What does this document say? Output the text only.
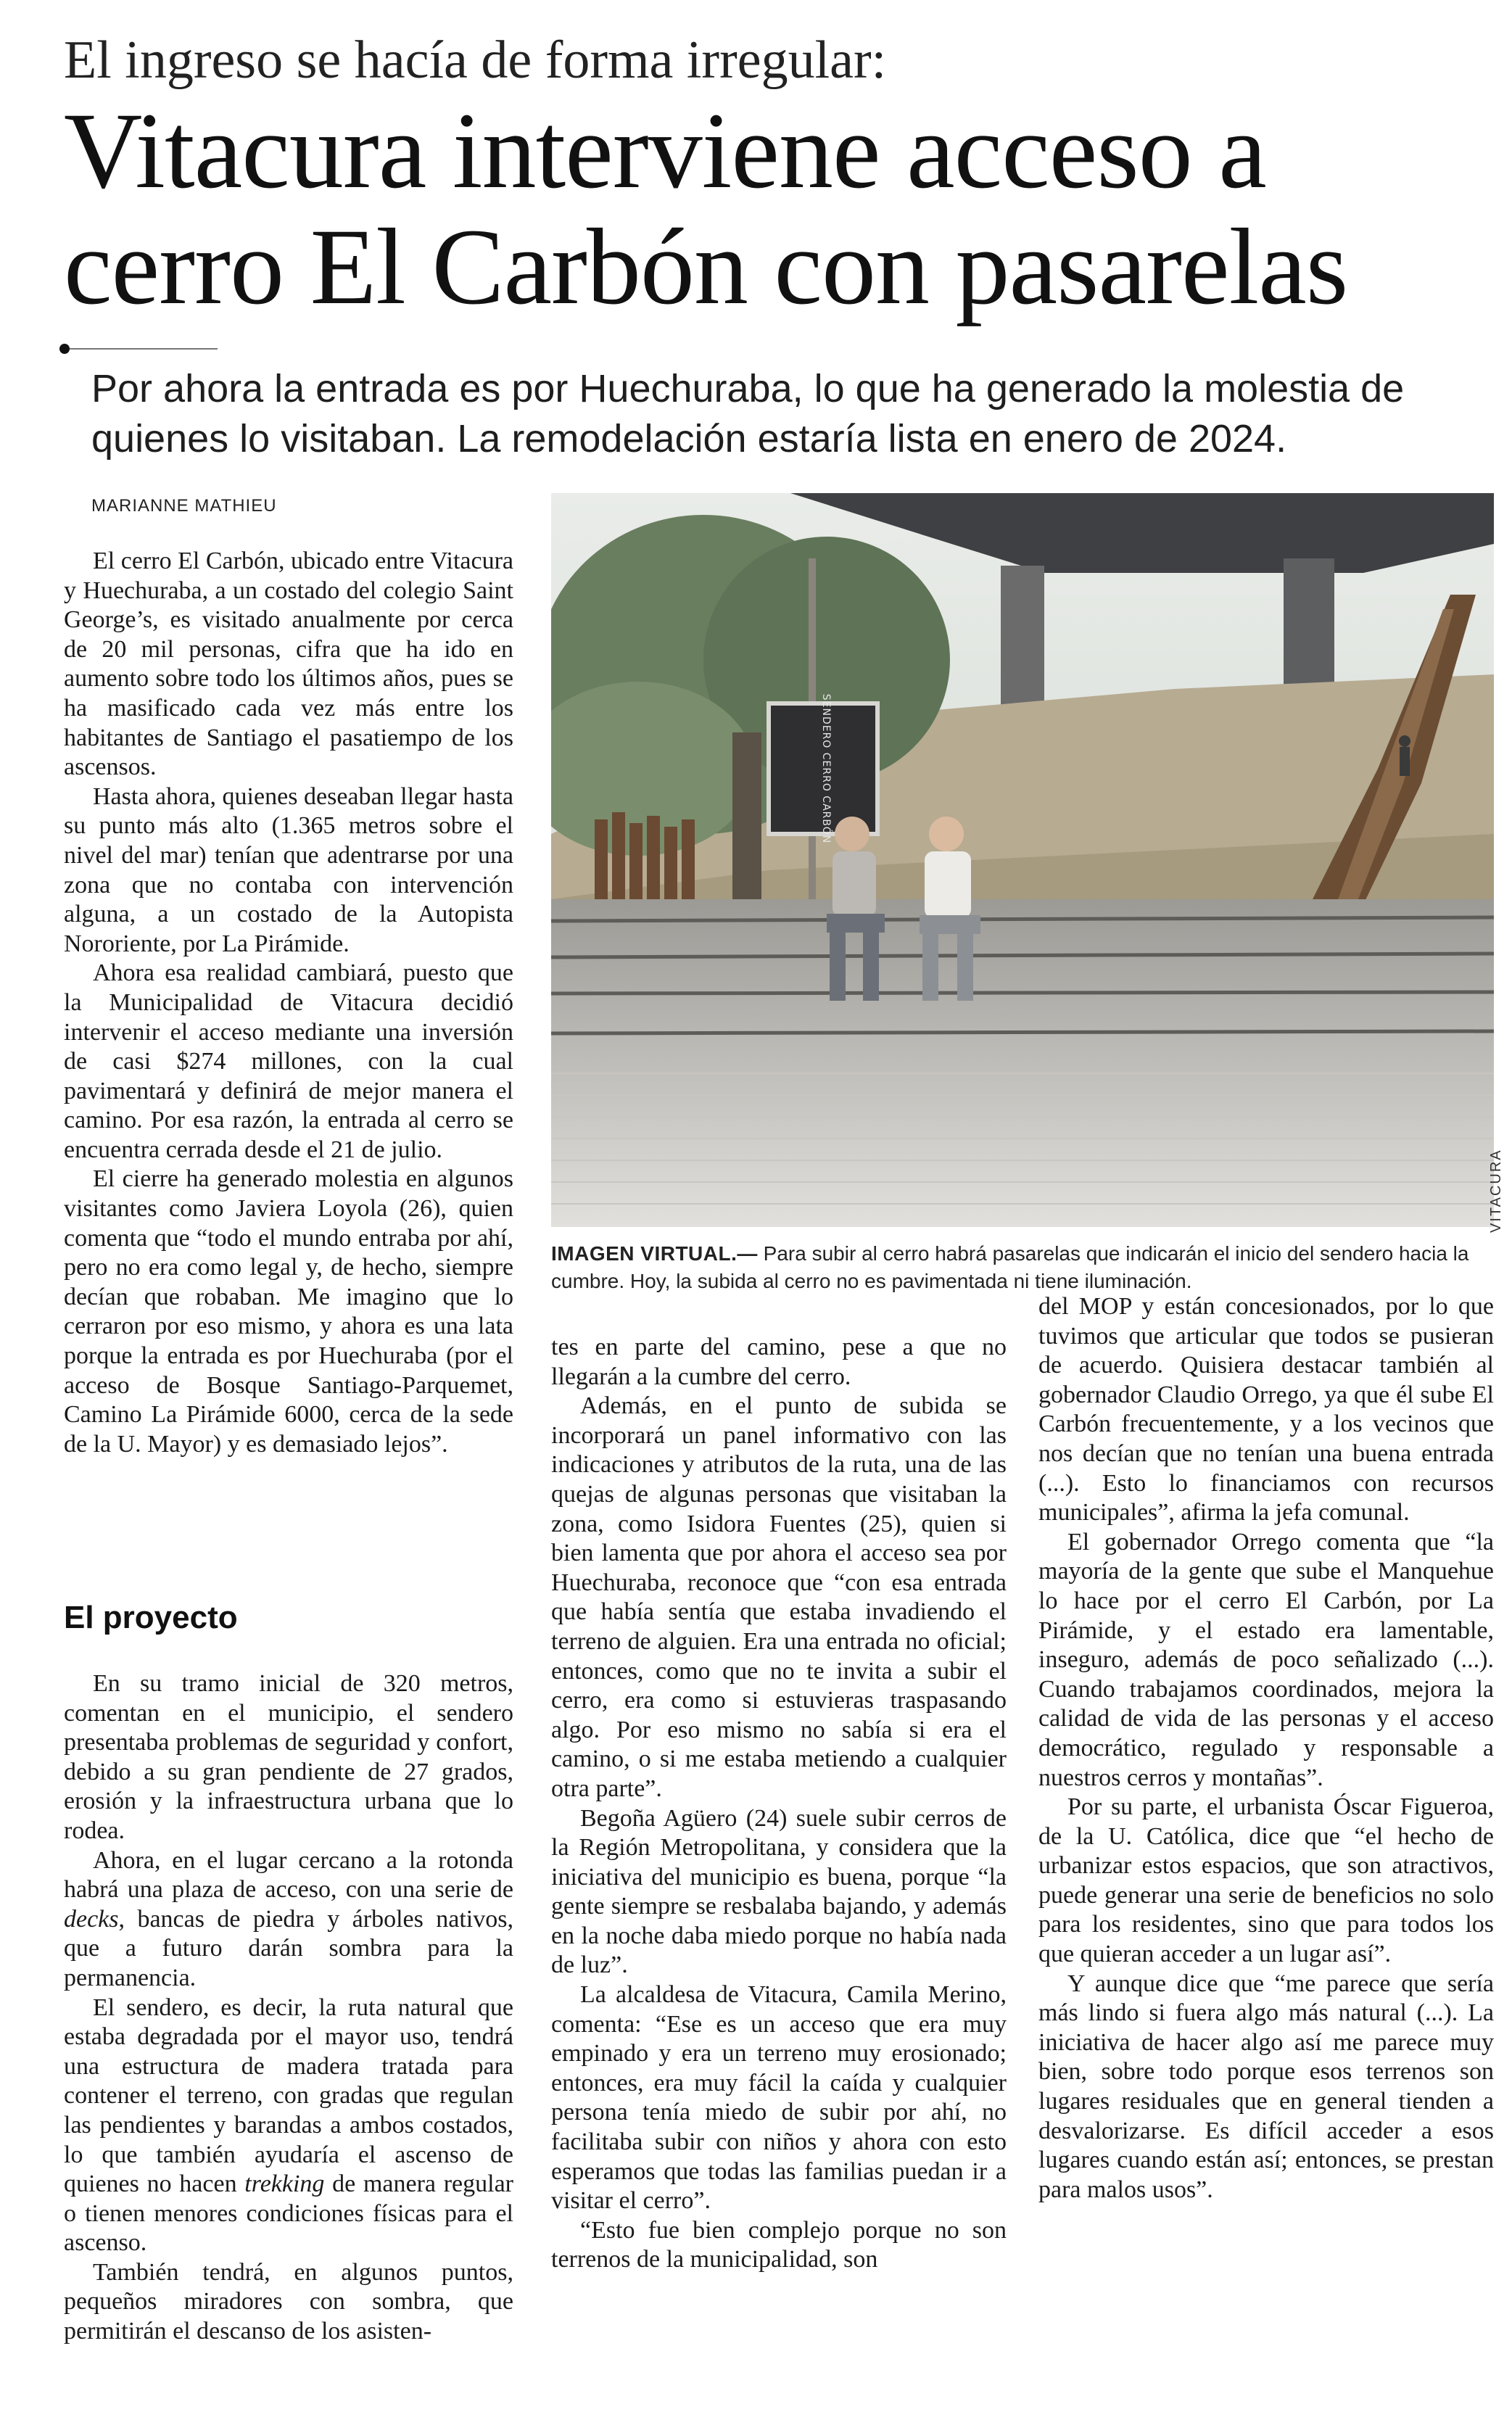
El ingreso se hacía de forma irregular:
Vitacura interviene acceso a
cerro El Carbón con pasarelas
Por ahora la entrada es por Huechuraba, lo que ha generado la molestia de quienes lo visitaban. La remodelación estaría lista en enero de 2024.
MARIANNE MATHIEU

El cerro El Carbón, ubicado entre Vitacura y Huechuraba, a un costado del colegio Saint George’s, es visitado anualmente por cerca de 20 mil personas, cifra que ha ido en aumento sobre todo los últimos años, pues se ha masificado cada vez más entre los habitantes de Santiago el pasatiempo de los ascensos.

Hasta ahora, quienes deseaban llegar hasta su punto más alto (1.365 metros sobre el nivel del mar) tenían que adentrarse por una zona que no contaba con intervención alguna, a un costado de la Autopista Nororiente, por La Pirámide.

Ahora esa realidad cambiará, puesto que la Municipalidad de Vitacura decidió intervenir el acceso mediante una inversión de casi $274 millones, con la cual pavimentará y definirá de mejor manera el camino. Por esa razón, la entrada al cerro se encuentra cerrada desde el 21 de julio.

El cierre ha generado molestia en algunos visitantes como Javiera Loyola (26), quien comenta que “todo el mundo entraba por ahí, pero no era como legal y, de hecho, siempre decían que robaban. Me imagino que lo cerraron por eso mismo, y ahora es una lata porque la entrada es por Huechuraba (por el acceso de Bosque Santiago-Parquemet, Camino La Pirámide 6000, cerca de la sede de la U. Mayor) y es demasiado lejos”.

El proyecto

En su tramo inicial de 320 metros, comentan en el municipio, el sendero presentaba problemas de seguridad y confort, debido a su gran pendiente de 27 grados, erosión y la infraestructura urbana que lo rodea.

Ahora, en el lugar cercano a la rotonda habrá una plaza de acceso, con una serie de decks, bancas de piedra y árboles nativos, que a futuro darán sombra para la permanencia.

El sendero, es decir, la ruta natural que estaba degradada por el mayor uso, tendrá una estructura de madera tratada para contener el terreno, con gradas que regulan las pendientes y barandas a ambos costados, lo que también ayudaría el ascenso de quienes no hacen trekking de manera regular o tienen menores condiciones físicas para el ascenso.

También tendrá, en algunos puntos, pequeños miradores con sombra, que permitirán el descanso de los asisten-

SENDERO CERRO CARBÓN
VITACURA
IMAGEN VIRTUAL.— Para subir al cerro habrá pasarelas que indicarán el inicio del sendero hacia la cumbre. Hoy, la subida al cerro no es pavimentada ni tiene iluminación.

tes en parte del camino, pese a que no llegarán a la cumbre del cerro.

Además, en el punto de subida se incorporará un panel informativo con las indicaciones y atributos de la ruta, una de las quejas de algunas personas que visitaban la zona, como Isidora Fuentes (25), quien si bien lamenta que por ahora el acceso sea por Huechuraba, reconoce que “con esa entrada que había sentía que estaba invadiendo el terreno de alguien. Era una entrada no oficial; entonces, como que no te invita a subir el cerro, era como si estuvieras traspasando algo. Por eso mismo no sabía si era el camino, o si me estaba metiendo a cualquier otra parte”.

Begoña Agüero (24) suele subir cerros de la Región Metropolitana, y considera que la iniciativa del municipio es buena, porque “la gente siempre se resbalaba bajando, y además en la noche daba miedo porque no había nada de luz”.

La alcaldesa de Vitacura, Camila Merino, comenta: “Ese es un acceso que era muy empinado y era un terreno muy erosionado; entonces, era muy fácil la caída y cualquier persona tenía miedo de subir por ahí, no facilitaba subir con niños y ahora con esto esperamos que todas las familias puedan ir a visitar el cerro”.

“Esto fue bien complejo porque no son terrenos de la municipalidad, son

del MOP y están concesionados, por lo que tuvimos que articular que todos se pusieran de acuerdo. Quisiera destacar también al gobernador Claudio Orrego, ya que él sube El Carbón frecuentemente, y a los vecinos que nos decían que no tenían una buena entrada (...). Esto lo financiamos con recursos municipales”, afirma la jefa comunal.

El gobernador Orrego comenta que “la mayoría de la gente que sube el Manquehue lo hace por el cerro El Carbón, por La Pirámide, y el estado era lamentable, inseguro, además de poco señalizado (...). Cuando trabajamos coordinados, mejora la calidad de vida de las personas y el acceso democrático, regulado y responsable a nuestros cerros y montañas”.

Por su parte, el urbanista Óscar Figueroa, de la U. Católica, dice que “el hecho de urbanizar estos espacios, que son atractivos, puede generar una serie de beneficios no solo para los residentes, sino que para todos los que quieran acceder a un lugar así”.

Y aunque dice que “me parece que sería más lindo si fuera algo más natural (...). La iniciativa de hacer algo así me parece muy bien, sobre todo porque esos terrenos son lugares residuales que en general tienden a desvalorizarse. Es difícil acceder a esos lugares cuando están así; entonces, se prestan para malos usos”.
